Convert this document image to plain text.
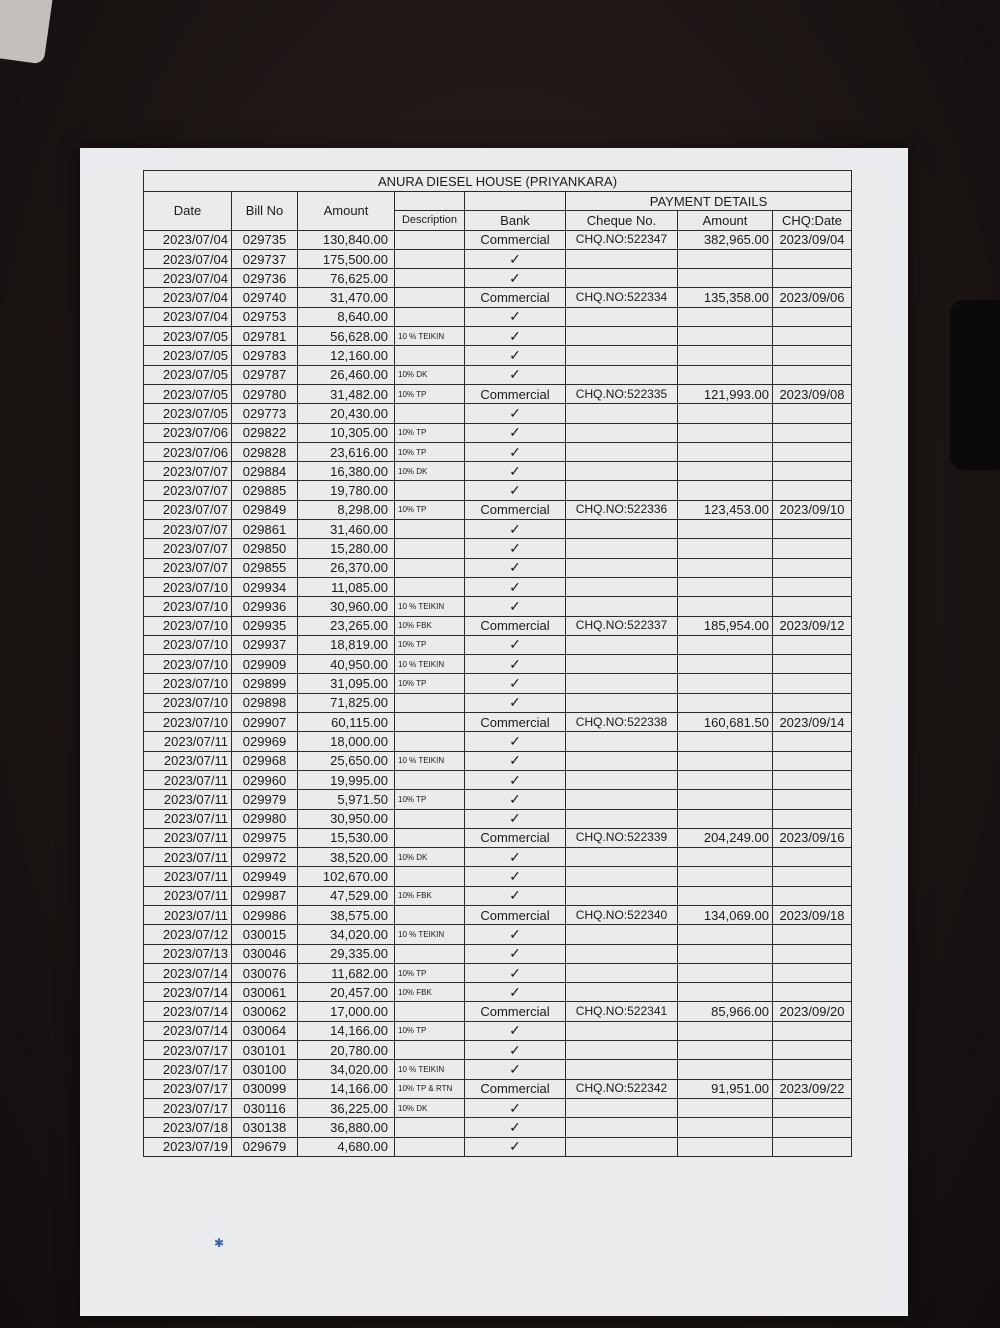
ANURA DIESEL HOUSE (PRIYANKARA)							
Date	Bill No	Amount			PAYMENT DETAILS		
			Description	Bank	Cheque No.	Amount	CHQ:Date
2023/07/04	029735	130,840.00		Commercial	CHQ.NO:522347	382,965.00	2023/09/04
2023/07/04	029737	175,500.00		✓			
2023/07/04	029736	76,625.00		✓			
2023/07/04	029740	31,470.00		Commercial	CHQ.NO:522334	135,358.00	2023/09/06
2023/07/04	029753	8,640.00		✓			
2023/07/05	029781	56,628.00	10 % TEIKIN	✓			
2023/07/05	029783	12,160.00		✓			
2023/07/05	029787	26,460.00	10% DK	✓			
2023/07/05	029780	31,482.00	10% TP	Commercial	CHQ.NO:522335	121,993.00	2023/09/08
2023/07/05	029773	20,430.00		✓			
2023/07/06	029822	10,305.00	10% TP	✓			
2023/07/06	029828	23,616.00	10% TP	✓			
2023/07/07	029884	16,380.00	10% DK	✓			
2023/07/07	029885	19,780.00		✓			
2023/07/07	029849	8,298.00	10% TP	Commercial	CHQ.NO:522336	123,453.00	2023/09/10
2023/07/07	029861	31,460.00		✓			
2023/07/07	029850	15,280.00		✓			
2023/07/07	029855	26,370.00		✓			
2023/07/10	029934	11,085.00		✓			
2023/07/10	029936	30,960.00	10 % TEIKIN	✓			
2023/07/10	029935	23,265.00	10% FBK	Commercial	CHQ.NO:522337	185,954.00	2023/09/12
2023/07/10	029937	18,819.00	10% TP	✓			
2023/07/10	029909	40,950.00	10 % TEIKIN	✓			
2023/07/10	029899	31,095.00	10% TP	✓			
2023/07/10	029898	71,825.00		✓			
2023/07/10	029907	60,115.00		Commercial	CHQ.NO:522338	160,681.50	2023/09/14
2023/07/11	029969	18,000.00		✓			
2023/07/11	029968	25,650.00	10 % TEIKIN	✓			
2023/07/11	029960	19,995.00		✓			
2023/07/11	029979	5,971.50	10% TP	✓			
2023/07/11	029980	30,950.00		✓			
2023/07/11	029975	15,530.00		Commercial	CHQ.NO:522339	204,249.00	2023/09/16
2023/07/11	029972	38,520.00	10% DK	✓			
2023/07/11	029949	102,670.00		✓			
2023/07/11	029987	47,529.00	10% FBK	✓			
2023/07/11	029986	38,575.00		Commercial	CHQ.NO:522340	134,069.00	2023/09/18
2023/07/12	030015	34,020.00	10 % TEIKIN	✓			
2023/07/13	030046	29,335.00		✓			
2023/07/14	030076	11,682.00	10% TP	✓			
2023/07/14	030061	20,457.00	10% FBK	✓			
2023/07/14	030062	17,000.00		Commercial	CHQ.NO:522341	85,966.00	2023/09/20
2023/07/14	030064	14,166.00	10% TP	✓			
2023/07/17	030101	20,780.00		✓			
2023/07/17	030100	34,020.00	10 % TEIKIN	✓			
2023/07/17	030099	14,166.00	10% TP & RTN	Commercial	CHQ.NO:522342	91,951.00	2023/09/22
2023/07/17	030116	36,225.00	10% DK	✓			
2023/07/18	030138	36,880.00		✓			
2023/07/19	029679	4,680.00		✓			
✱
